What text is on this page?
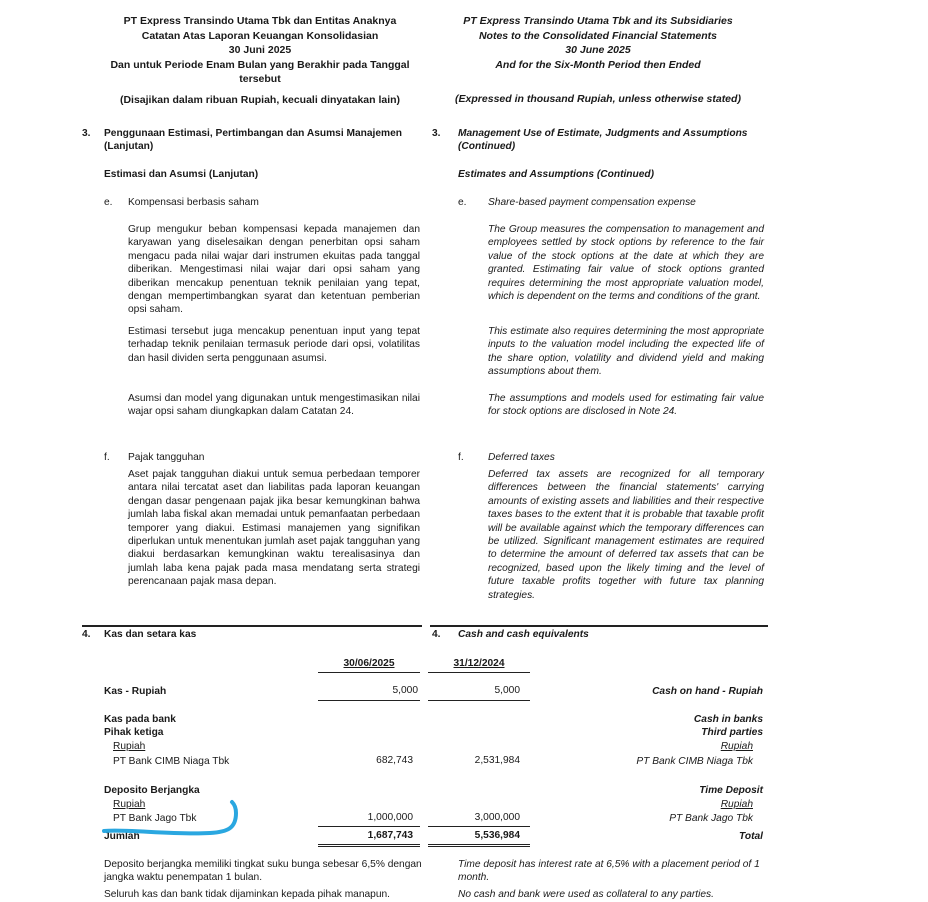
PT Express Transindo Utama Tbk dan Entitas Anaknya
Catatan Atas Laporan Keuangan Konsolidasian
30 Juni 2025
Dan untuk Periode Enam Bulan yang Berakhir pada Tanggal tersebut
(Disajikan dalam ribuan Rupiah, kecuali dinyatakan lain)
PT Express Transindo Utama Tbk and its Subsidiaries
Notes to the Consolidated Financial Statements
30 June 2025
And for the Six-Month Period then Ended
(Expressed in thousand Rupiah, unless otherwise stated)
3. Penggunaan Estimasi, Pertimbangan dan Asumsi Manajemen (Lanjutan)
3. Management Use of Estimate, Judgments and Assumptions (Continued)
Estimasi dan Asumsi (Lanjutan)	Estimates and Assumptions (Continued)
e. Kompensasi berbasis saham	e. Share-based payment compensation expense
Grup mengukur beban kompensasi kepada manajemen dan karyawan yang diselesaikan dengan penerbitan opsi saham mengacu pada nilai wajar dari instrumen ekuitas pada tanggal diberikan. Mengestimasi nilai wajar dari opsi saham yang diberikan mencakup penentuan teknik penilaian yang tepat, dengan mempertimbangkan syarat dan ketentuan pemberian opsi saham.
The Group measures the compensation to management and employees settled by stock options by reference to the fair value of the stock options at the date at which they are granted. Estimating fair value of stock options granted requires determining the most appropriate valuation model, which is dependent on the terms and conditions of the grant.
Estimasi tersebut juga mencakup penentuan input yang tepat terhadap teknik penilaian termasuk periode dari opsi, volatilitas dan hasil dividen serta penggunaan asumsi.
This estimate also requires determining the most appropriate inputs to the valuation model including the expected life of the share option, volatility and dividend yield and making assumptions about them.
Asumsi dan model yang digunakan untuk mengestimasikan nilai wajar opsi saham diungkapkan dalam Catatan 24.
The assumptions and models used for estimating fair value for stock options are disclosed in Note 24.
f. Pajak tangguhan	f. Deferred taxes
Aset pajak tangguhan diakui untuk semua perbedaan temporer antara nilai tercatat aset dan liabilitas pada laporan keuangan dengan dasar pengenaan pajak jika besar kemungkinan bahwa jumlah laba fiskal akan memadai untuk pemanfaatan perbedaan temporer yang diakui. Estimasi manajemen yang signifikan diperlukan untuk menentukan jumlah aset pajak tangguhan yang diakui berdasarkan kemungkinan waktu terealisasinya dan jumlah laba kena pajak pada masa mendatang serta strategi perencanaan pajak masa depan.
Deferred tax assets are recognized for all temporary differences between the financial statements' carrying amounts of existing assets and liabilities and their respective taxes bases to the extent that it is probable that taxable profit will be available against which the temporary differences can be utilized. Significant management estimates are required to determine the amount of deferred tax assets that can be recognized, based upon the likely timing and the level of future taxable profits together with future tax planning strategies.
4. Kas dan setara kas	4. Cash and cash equivalents
30/06/2025	31/12/2024
Kas - Rupiah	5,000	5,000	Cash on hand - Rupiah
Kas pada bank	Cash in banks
Pihak ketiga	Third parties
Rupiah	Rupiah
PT Bank CIMB Niaga Tbk	682,743	2,531,984	PT Bank CIMB Niaga Tbk
Deposito Berjangka	Time Deposit
Rupiah	Rupiah
PT Bank Jago Tbk	1,000,000	3,000,000	PT Bank Jago Tbk
Jumlah	1,687,743	5,536,984	Total
Deposito berjangka memiliki tingkat suku bunga sebesar 6,5% dengan jangka waktu penempatan 1 bulan.
Time deposit has interest rate at 6,5% with a placement period of 1 month.
Seluruh kas dan bank tidak dijaminkan kepada pihak manapun.	No cash and bank were used as collateral to any parties.
